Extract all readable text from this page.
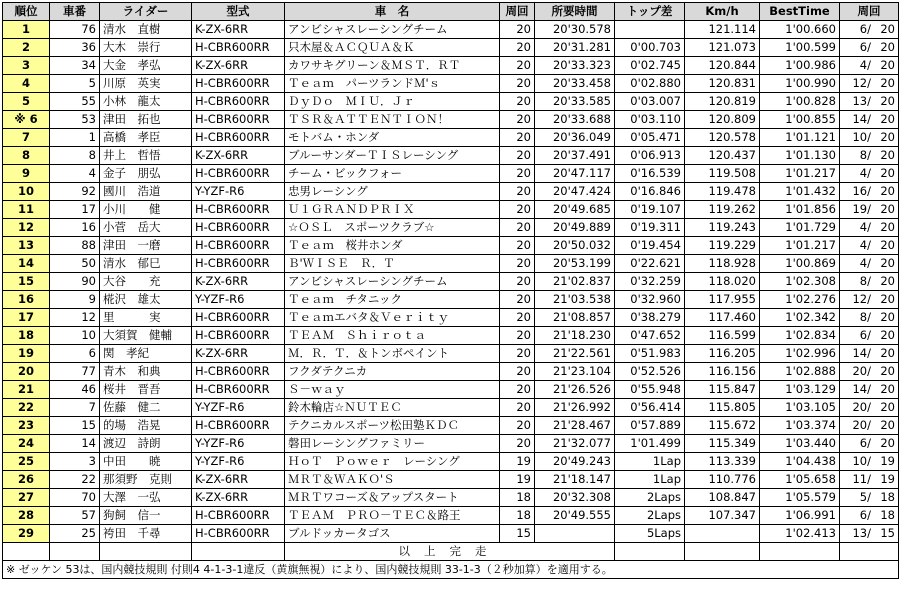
順位	車番	ライダー	型式	車　名	周回	所要時間	トップ差	Km/h	BestTime	周回
1	76	清水　直樹	K-ZX-6RR	アンビシャスレーシングチーム	20	20'30.578		121.114	1'00.660	6/ 20
2	36	大木　崇行	H-CBR600RR	只木屋＆ＡＣＱＵＡ＆Ｋ	20	20'31.281	0'00.703	121.073	1'00.599	6/ 20
3	34	大金　孝弘	K-ZX-6RR	カワサキグリーン＆ＭＳＴ．ＲＴ	20	20'33.323	0'02.745	120.844	1'00.986	4/ 20
4	5	川原　英実	H-CBR600RR	Ｔｅａｍ　パーツランドＭ'ｓ	20	20'33.458	0'02.880	120.831	1'00.990	12/ 20
5	55	小林　龍太	H-CBR600RR	ＤｙＤｏ　ＭＩＵ．Ｊｒ	20	20'33.585	0'03.007	120.819	1'00.828	13/ 20
※ 6	53	津田　拓也	H-CBR600RR	ＴＳＲ＆ＡＴＴＥＮＴＩＯＮ！	20	20'33.688	0'03.110	120.809	1'00.855	14/ 20
7	1	高橋　孝臣	H-CBR600RR	モトバム・ホンダ	20	20'36.049	0'05.471	120.578	1'01.121	10/ 20
8	8	井上　哲悟	K-ZX-6RR	ブルーサンダーＴＩＳレーシング	20	20'37.491	0'06.913	120.437	1'01.130	8/ 20
9	4	金子　朋弘	H-CBR600RR	チーム・ビックフォー	20	20'47.117	0'16.539	119.508	1'01.217	4/ 20
10	92	國川　浩道	Y-YZF-R6	忠男レーシング	20	20'47.424	0'16.846	119.478	1'01.432	16/ 20
11	17	小川　　健	H-CBR600RR	Ｕ１ＧＲＡＮＤＰＲＩＸ	20	20'49.685	0'19.107	119.262	1'01.856	19/ 20
12	16	小菅　岳大	H-CBR600RR	☆ＯＳＬ　スポーツクラブ☆	20	20'49.889	0'19.311	119.243	1'01.729	4/ 20
13	88	津田　一磨	H-CBR600RR	Ｔｅａｍ　桜井ホンダ	20	20'50.032	0'19.454	119.229	1'01.217	4/ 20
14	50	清水　郁巳	H-CBR600RR	Ｂ'ＷＩＳＥ　Ｒ．Ｔ	20	20'53.199	0'22.621	118.928	1'00.869	4/ 20
15	90	大谷　　充	K-ZX-6RR	アンビシャスレーシングチーム	20	21'02.837	0'32.259	118.020	1'02.308	8/ 20
16	9	椛沢　雄太	Y-YZF-R6	Ｔｅａｍ　チタニック	20	21'03.538	0'32.960	117.955	1'02.276	12/ 20
17	12	里　　　実	H-CBR600RR	Ｔｅａｍエバタ＆Ｖｅｒｉｔｙ	20	21'08.857	0'38.279	117.460	1'02.342	8/ 20
18	10	大須賀　健輔	H-CBR600RR	ＴＥＡＭ　Ｓｈｉｒｏｔａ	20	21'18.230	0'47.652	116.599	1'02.834	6/ 20
19	6	関　孝紀	K-ZX-6RR	Ｍ．Ｒ．Ｔ．＆トンボペイント	20	21'22.561	0'51.983	116.205	1'02.996	14/ 20
20	77	青木　和典	H-CBR600RR	フクダテクニカ	20	21'23.104	0'52.526	116.156	1'02.888	20/ 20
21	46	桜井　晋吾	H-CBR600RR	Ｓ－ｗａｙ	20	21'26.526	0'55.948	115.847	1'03.129	14/ 20
22	7	佐藤　健二	Y-YZF-R6	鈴木輪店☆ＮＵＴＥＣ	20	21'26.992	0'56.414	115.805	1'03.105	20/ 20
23	15	的場　浩晃	H-CBR600RR	テクニカルスポーツ松田塾ＫＤＣ	20	21'28.467	0'57.889	115.672	1'03.374	20/ 20
24	14	渡辺　詩朗	Y-YZF-R6	磐田レーシングファミリー	20	21'32.077	1'01.499	115.349	1'03.440	6/ 20
25	3	中田　　暁	Y-YZF-R6	ＨｏＴ　Ｐｏｗｅｒ　レーシング	19	20'49.243	1Lap	113.339	1'04.438	10/ 19
26	22	那須野　克則	K-ZX-6RR	ＭＲＴ＆ＷＡＫＯ'Ｓ	19	21'18.147	1Lap	110.776	1'05.658	11/ 19
27	70	大澤　一弘	K-ZX-6RR	ＭＲＴワコーズ＆アップスタート	18	20'32.308	2Laps	108.847	1'05.579	5/ 18
28	57	狗飼　信一	H-CBR600RR	ＴＥＡＭ　ＰＲＯ－ＴＥＣ＆路王	18	20'49.555	2Laps	107.347	1'06.991	6/ 18
29	25	袴田　千尋	H-CBR600RR	ブルドッカータゴス	15		5Laps		1'02.413	13/ 15
				以上完走						
※ ゼッケン 53は、国内競技規則 付則4 4-1-3-1違反（黄旗無視）により、国内競技規則 33-1-3（２秒加算）を適用する。										
